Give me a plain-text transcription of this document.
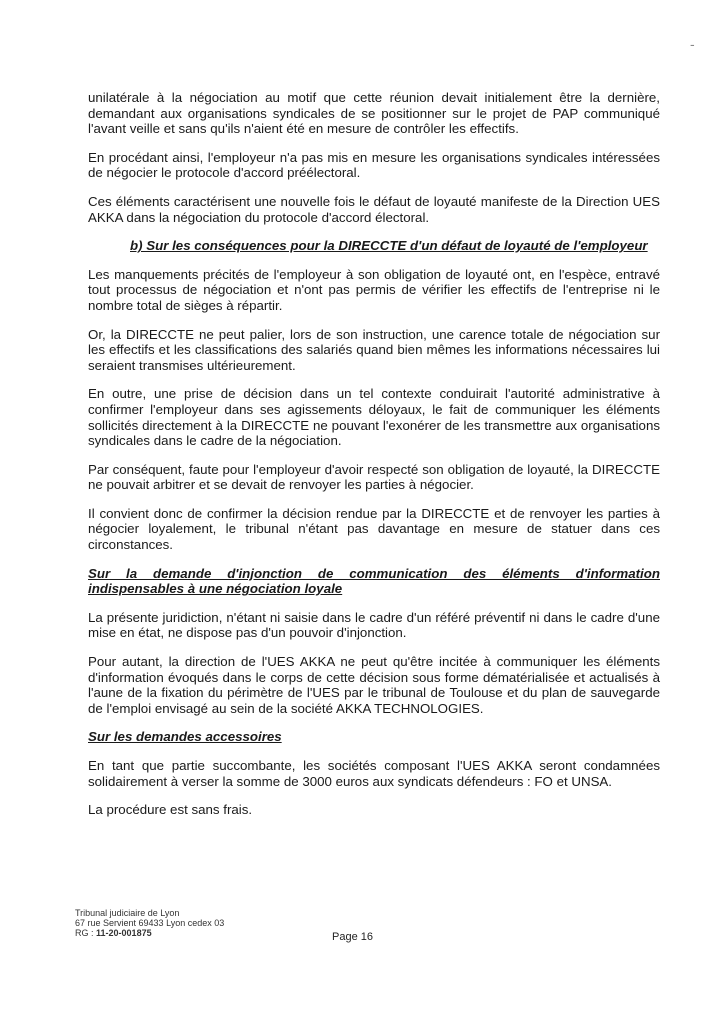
-

unilatérale à la négociation au motif que cette réunion devait initialement être la dernière, demandant aux organisations syndicales de se positionner sur le projet de PAP communiqué l'avant veille et sans qu'ils n'aient été en mesure de contrôler les effectifs.

En procédant ainsi, l'employeur n'a pas mis en mesure les organisations syndicales intéressées de négocier le protocole d'accord préélectoral.

Ces éléments caractérisent une nouvelle fois le défaut de loyauté manifeste de la Direction UES AKKA dans la négociation du protocole d'accord électoral.

b) Sur les conséquences pour la DIRECCTE d'un défaut de loyauté de l'employeur

Les manquements précités de l'employeur à son obligation de loyauté ont, en l'espèce, entravé tout processus de négociation et n'ont pas permis de vérifier les effectifs de l'entreprise ni le nombre total de sièges à répartir.

Or, la DIRECCTE ne peut palier, lors de son instruction, une carence totale de négociation sur les effectifs et les classifications des salariés quand bien mêmes les informations nécessaires lui seraient transmises ultérieurement.

En outre, une prise de décision dans un tel contexte conduirait l'autorité administrative à confirmer l'employeur dans ses agissements déloyaux, le fait de communiquer les éléments sollicités directement à la DIRECCTE ne pouvant l'exonérer de les transmettre aux organisations syndicales dans le cadre de la négociation.

Par conséquent, faute pour l'employeur d'avoir respecté son obligation de loyauté, la DIRECCTE ne pouvait arbitrer et se devait de renvoyer les parties à négocier.

Il convient donc de confirmer la décision rendue par la DIRECCTE et de renvoyer les parties à négocier loyalement, le tribunal n'étant pas davantage en mesure de statuer dans ces circonstances.

Sur la demande d'injonction de communication des éléments d'information indispensables à une négociation loyale

La présente juridiction, n'étant ni saisie dans le cadre d'un référé préventif ni dans le cadre d'une mise en état, ne dispose pas d'un pouvoir d'injonction.

Pour autant, la direction de l'UES AKKA ne peut qu'être incitée à communiquer les éléments d'information évoqués dans le corps de cette décision sous forme dématérialisée et actualisés à l'aune de la fixation du périmètre de l'UES par le tribunal de Toulouse et du plan de sauvegarde de l'emploi envisagé au sein de la société AKKA TECHNOLOGIES.

Sur les demandes accessoires

En tant que partie succombante, les sociétés composant l'UES AKKA seront condamnées solidairement à verser la somme de 3000 euros aux syndicats défendeurs : FO et UNSA.

La procédure est sans frais.

Tribunal judiciaire de Lyon
67 rue Servient 69433 Lyon cedex 03
RG : 11-20-001875	Page 16
